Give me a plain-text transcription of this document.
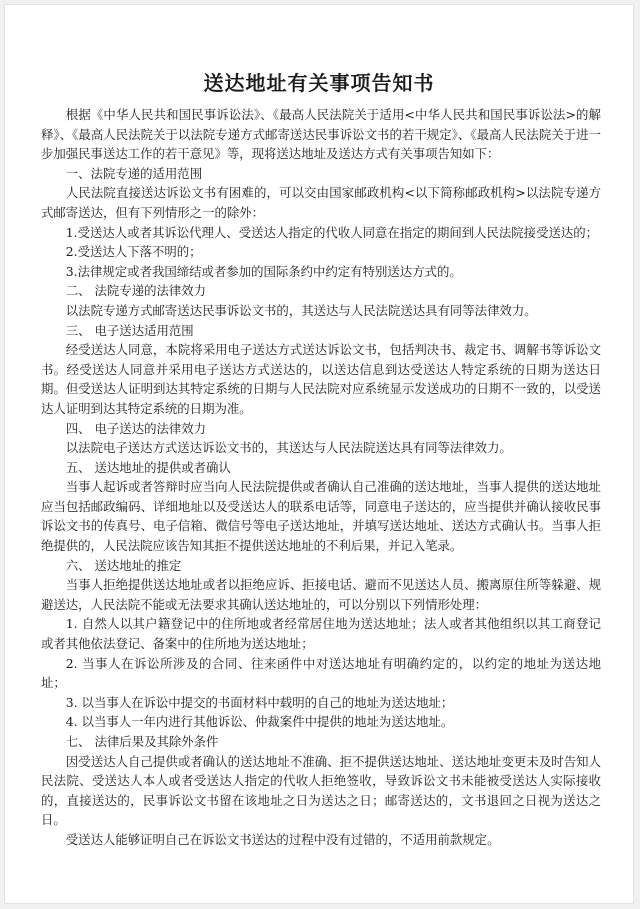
送达地址有关事项告知书

根据《中华人民共和国民事诉讼法》、《最高人民法院关于适用<中华人民共和国民事诉讼法>的解释》、《最高人民法院关于以法院专递方式邮寄送达民事诉讼文书的若干规定》、《最高人民法院关于进一步加强民事送达工作的若干意见》等，现将送达地址及送达方式有关事项告知如下：

一、法院专递的适用范围

人民法院直接送达诉讼文书有困难的，可以交由国家邮政机构<以下简称邮政机构>以法院专递方式邮寄送达，但有下列情形之一的除外：

1.受送达人或者其诉讼代理人、受送达人指定的代收人同意在指定的期间到人民法院接受送达的；

2.受送达人下落不明的；

3.法律规定或者我国缔结或者参加的国际条约中约定有特别送达方式的。

二、 法院专递的法律效力

以法院专递方式邮寄送达民事诉讼文书的，其送达与人民法院送达具有同等法律效力。

三、 电子送达适用范围

经受送达人同意，本院将采用电子送达方式送达诉讼文书，包括判决书、裁定书、调解书等诉讼文书。经受送达人同意并采用电子送达方式送达的，以送达信息到达受送达人特定系统的日期为送达日期。但受送达人证明到达其特定系统的日期与人民法院对应系统显示发送成功的日期不一致的，以受送达人证明到达其特定系统的日期为准。

四、 电子送达的法律效力

以法院电子送达方式送达诉讼文书的，其送达与人民法院送达具有同等法律效力。

五、 送达地址的提供或者确认

当事人起诉或者答辩时应当向人民法院提供或者确认自己准确的送达地址，当事人提供的送达地址应当包括邮政编码、详细地址以及受送达人的联系电话等，同意电子送达的，应当提供并确认接收民事诉讼文书的传真号、电子信箱、微信号等电子送达地址，并填写送达地址、送达方式确认书。当事人拒绝提供的，人民法院应该告知其拒不提供送达地址的不利后果，并记入笔录。

六、 送达地址的推定

当事人拒绝提供送达地址或者以拒绝应诉、拒接电话、避而不见送达人员、搬离原住所等躲避、规避送达，人民法院不能或无法要求其确认送达地址的，可以分别以下列情形处理：

1. 自然人以其户籍登记中的住所地或者经常居住地为送达地址；法人或者其他组织以其工商登记或者其他依法登记、备案中的住所地为送达地址；

2. 当事人在诉讼所涉及的合同、往来函件中对送达地址有明确约定的，以约定的地址为送达地址；

3. 以当事人在诉讼中提交的书面材料中载明的自己的地址为送达地址；

4. 以当事人一年内进行其他诉讼、仲裁案件中提供的地址为送达地址。

七、 法律后果及其除外条件

因受送达人自己提供或者确认的送达地址不准确、拒不提供送达地址、送达地址变更未及时告知人民法院、受送达人本人或者受送达人指定的代收人拒绝签收，导致诉讼文书未能被受送达人实际接收的，直接送达的，民事诉讼文书留在该地址之日为送达之日；邮寄送达的，文书退回之日视为送达之日。

受送达人能够证明自己在诉讼文书送达的过程中没有过错的，不适用前款规定。
